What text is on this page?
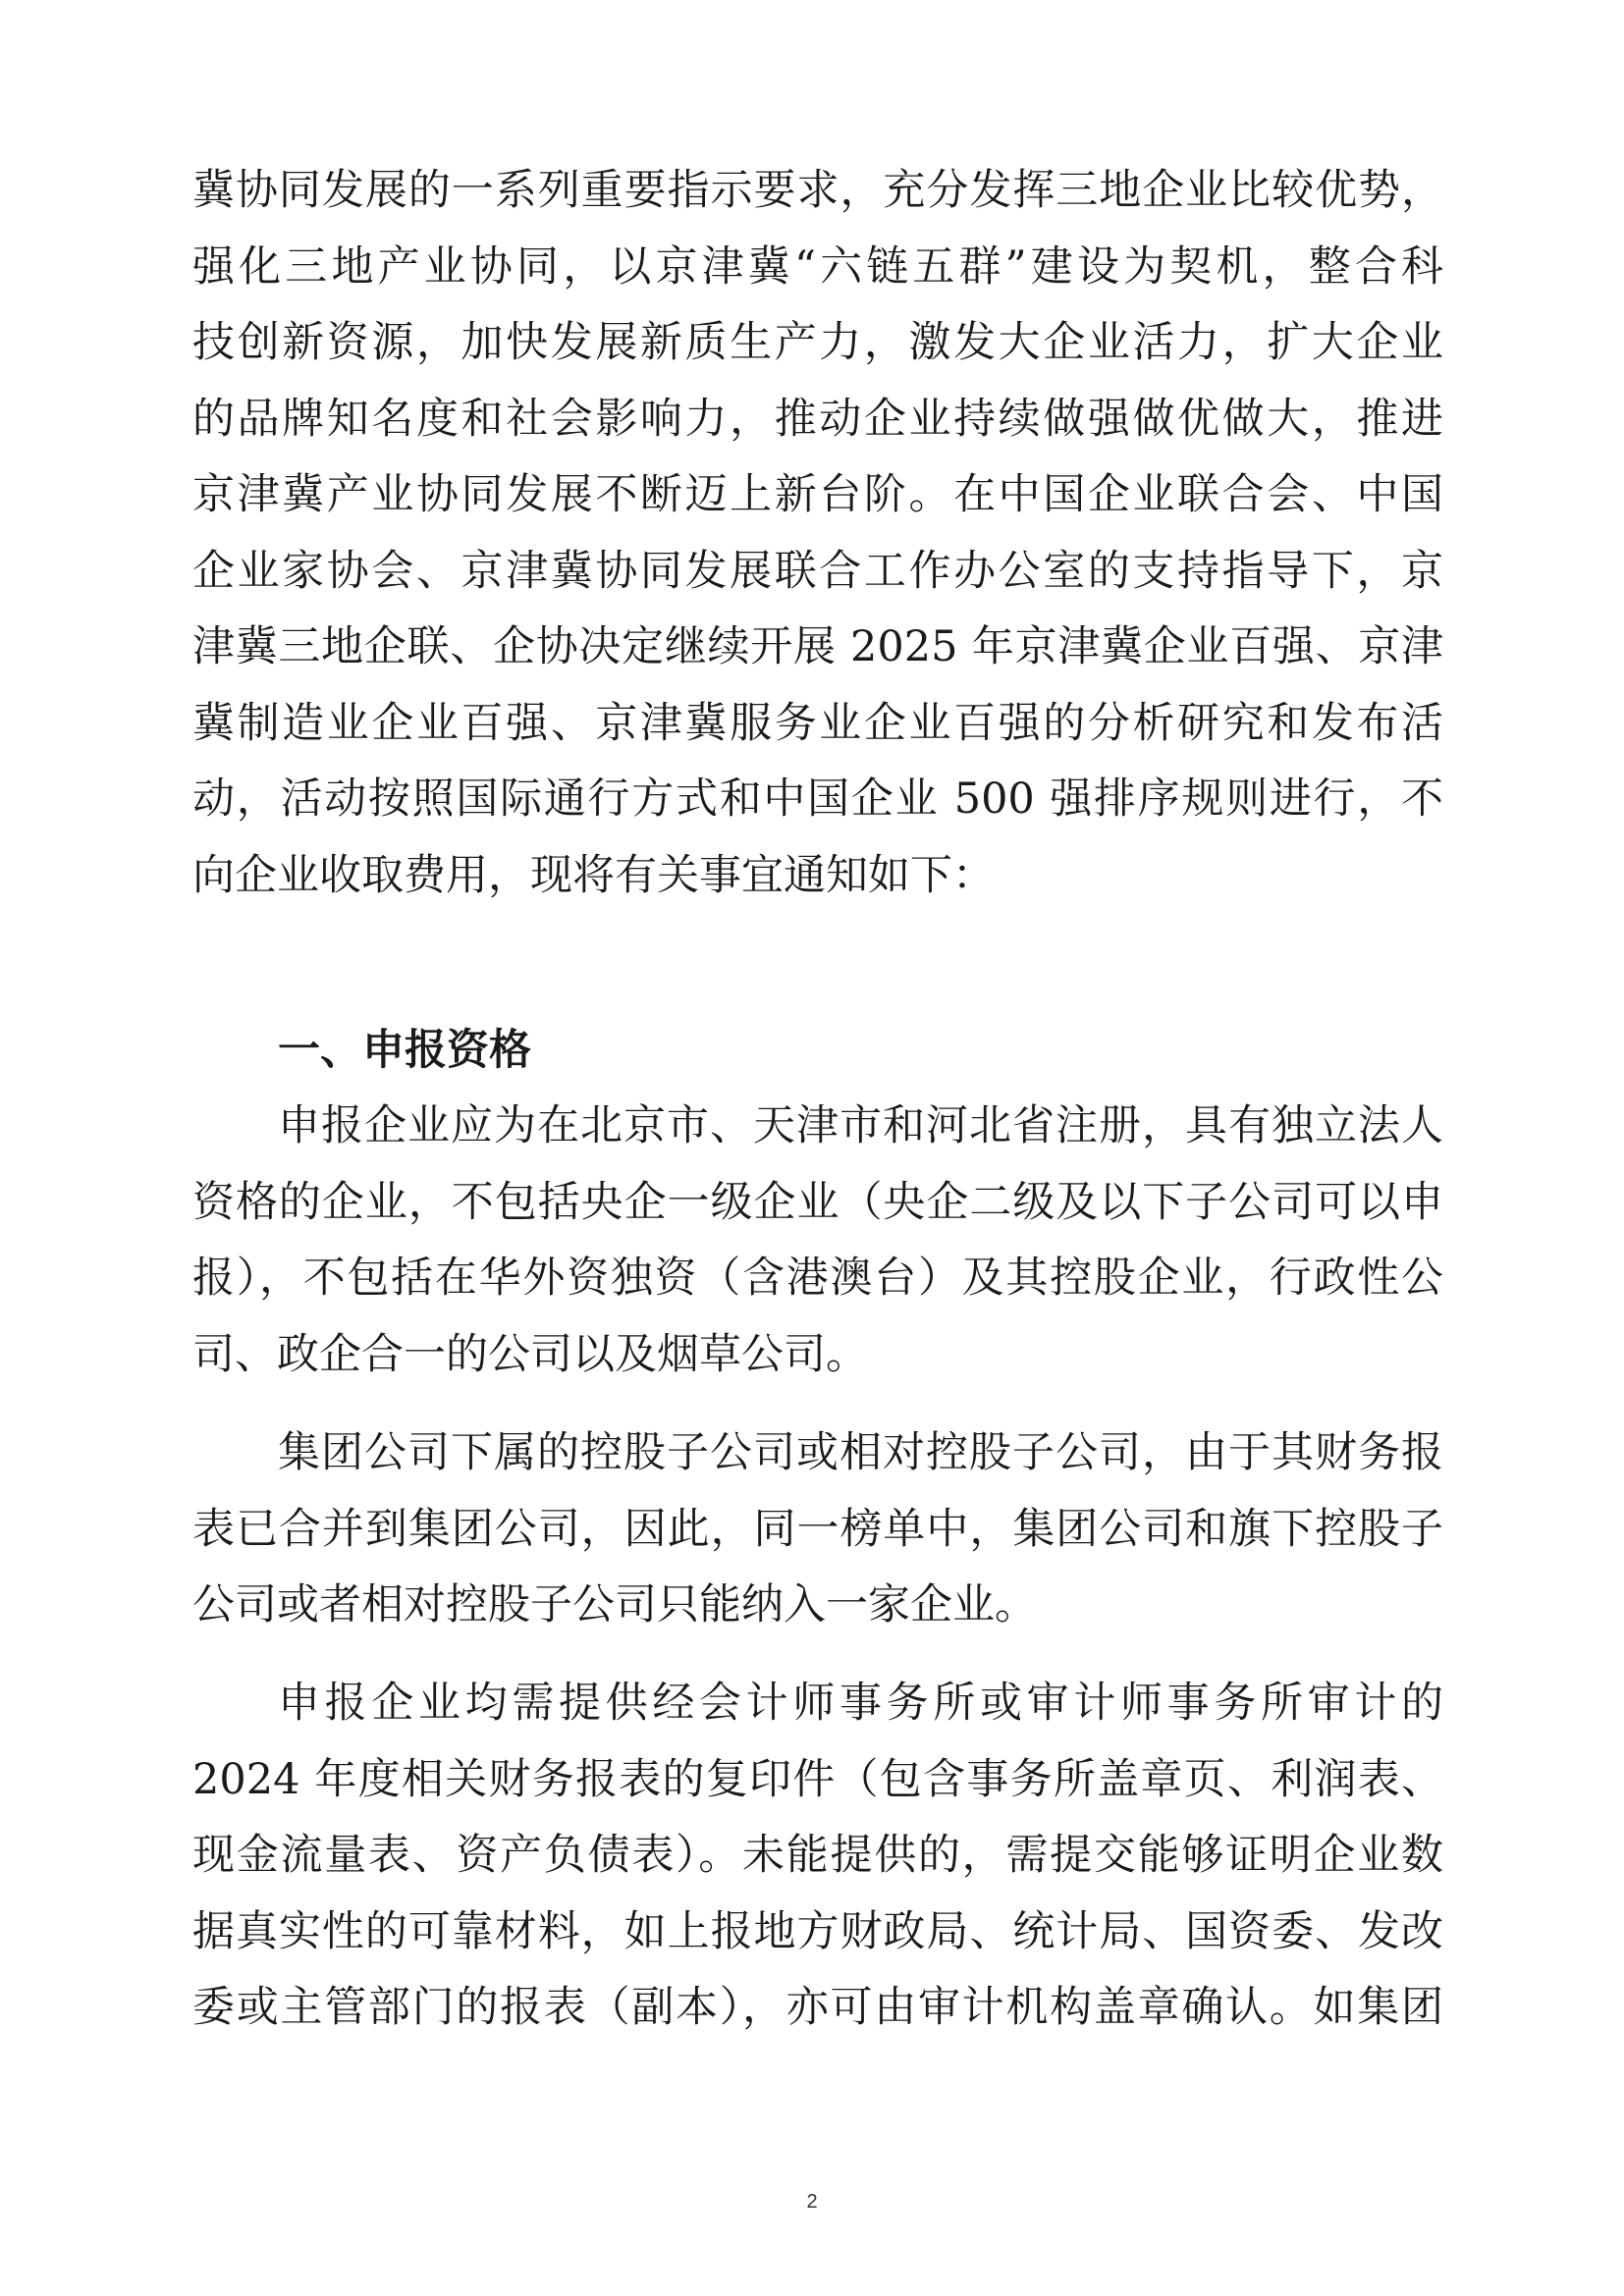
冀协同发展的一系列重要指示要求，充分发挥三地企业比较优势，
强化三地产业协同，以京津冀“六链五群”建设为契机，整合科
技创新资源，加快发展新质生产力，激发大企业活力，扩大企业
的品牌知名度和社会影响力，推动企业持续做强做优做大，推进
京津冀产业协同发展不断迈上新台阶。在中国企业联合会、中国
企业家协会、京津冀协同发展联合工作办公室的支持指导下，京
津冀三地企联、企协决定继续开展 2025 年京津冀企业百强、京津
冀制造业企业百强、京津冀服务业企业百强的分析研究和发布活
动，活动按照国际通行方式和中国企业 500 强排序规则进行，不
向企业收取费用，现将有关事宜通知如下：
一、申报资格
申报企业应为在北京市、天津市和河北省注册，具有独立法人
资格的企业，不包括央企一级企业（央企二级及以下子公司可以申
报），不包括在华外资独资（含港澳台）及其控股企业，行政性公
司、政企合一的公司以及烟草公司。
集团公司下属的控股子公司或相对控股子公司，由于其财务报
表已合并到集团公司，因此，同一榜单中，集团公司和旗下控股子
公司或者相对控股子公司只能纳入一家企业。
申报企业均需提供经会计师事务所或审计师事务所审计的
2024 年度相关财务报表的复印件（包含事务所盖章页、利润表、
现金流量表、资产负债表）。未能提供的，需提交能够证明企业数
据真实性的可靠材料，如上报地方财政局、统计局、国资委、发改
委或主管部门的报表（副本），亦可由审计机构盖章确认。如集团
2
